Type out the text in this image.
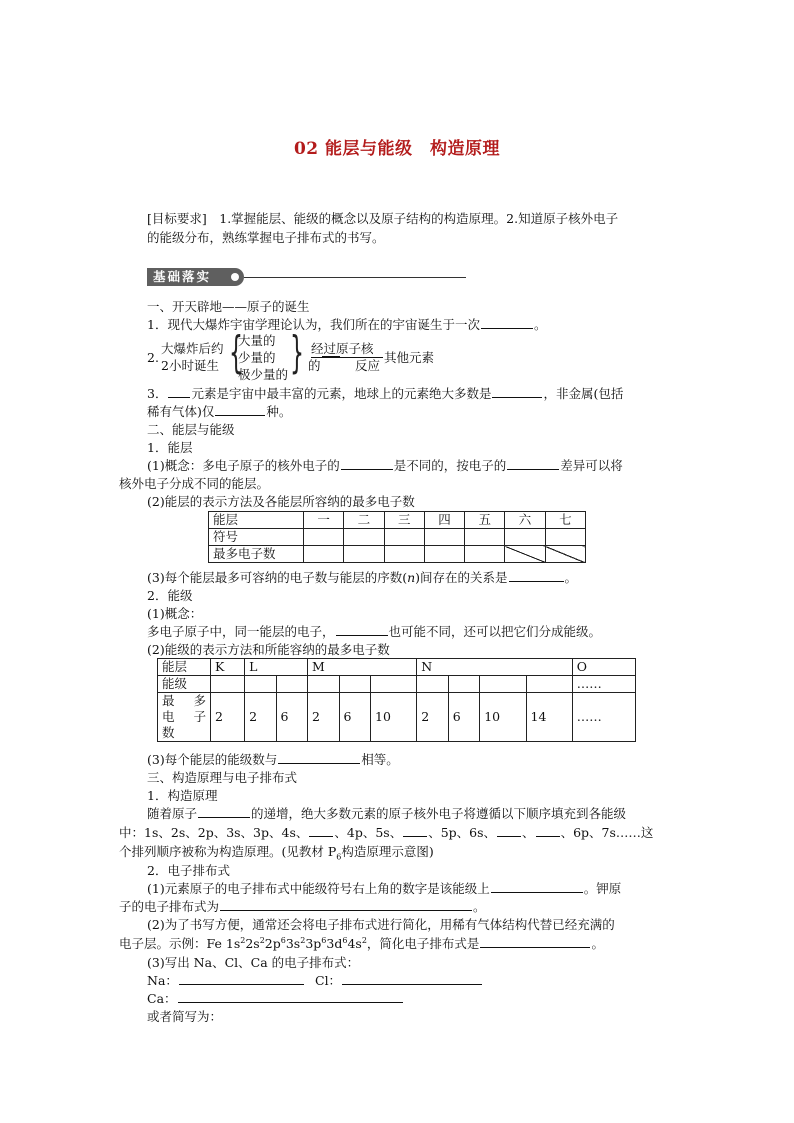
02 能层与能级　构造原理
[目标要求]　1.掌握能层、能级的概念以及原子结构的构造原理。2.知道原子核外电子
的能级分布，熟练掌握电子排布式的书写。
基础落实
一、开天辟地——原子的诞生
1．现代大爆炸宇宙学理论认为，我们所在的宇宙诞生于一次	。
2.
大爆炸后约
2小时诞生 {
大量的
少量的
极少量的 } 经过原子核
的	反应
其他元素
3． 元素是宇宙中最丰富的元素，地球上的元素绝大多数是	，非金属(包括
稀有气体)仅	种。
二、能层与能级
1．能层
(1)概念：多电子原子的核外电子的	是不同的，按电子的	差异可以将
核外电子分成不同的能层。
(2)能层的表示方法及各能层所容纳的最多电子数
能层	一	二	三	四	五	六	七
符号							
最多电子数							
(3)每个能层最多可容纳的电子数与能层的序数(n)间存在的关系是	。
2．能级
(1)概念：
多电子原子中，同一能层的电子，	也可能不同，还可以把它们分成能级。
(2)能级的表示方法和所能容纳的最多电子数
能层	K	L		M			N				O
能级											……
最　多 电　子 数	2	2	6	2	6	10	2	6	10	14	……
(3)每个能层的能级数与	相等。
三、构造原理与电子排布式
1．构造原理
随着原子	的递增，绝大多数元素的原子核外电子将遵循以下顺序填充到各能级
中：1s、2s、2p、3s、3p、4s、 、4p、5s、 、5p、6s、 、 、6p、7s……这
个排列顺序被称为构造原理。(见教材 $P_6$构造原理示意图)
2．电子排布式
(1)元素原子的电子排布式中能级符号右上角的数字是该能级上	。钾原
子的电子排布式为	。
(2)为了书写方便，通常还会将电子排布式进行简化，用稀有气体结构代替已经充满的
电子层。示例：Fe $1s^22s^22p^63s^23p^63d^64s^2$，简化电子排布式是	。
(3)写出 Na、Cl、Ca 的电子排布式：
Na：	Cl：
Ca：
或者简写为：
